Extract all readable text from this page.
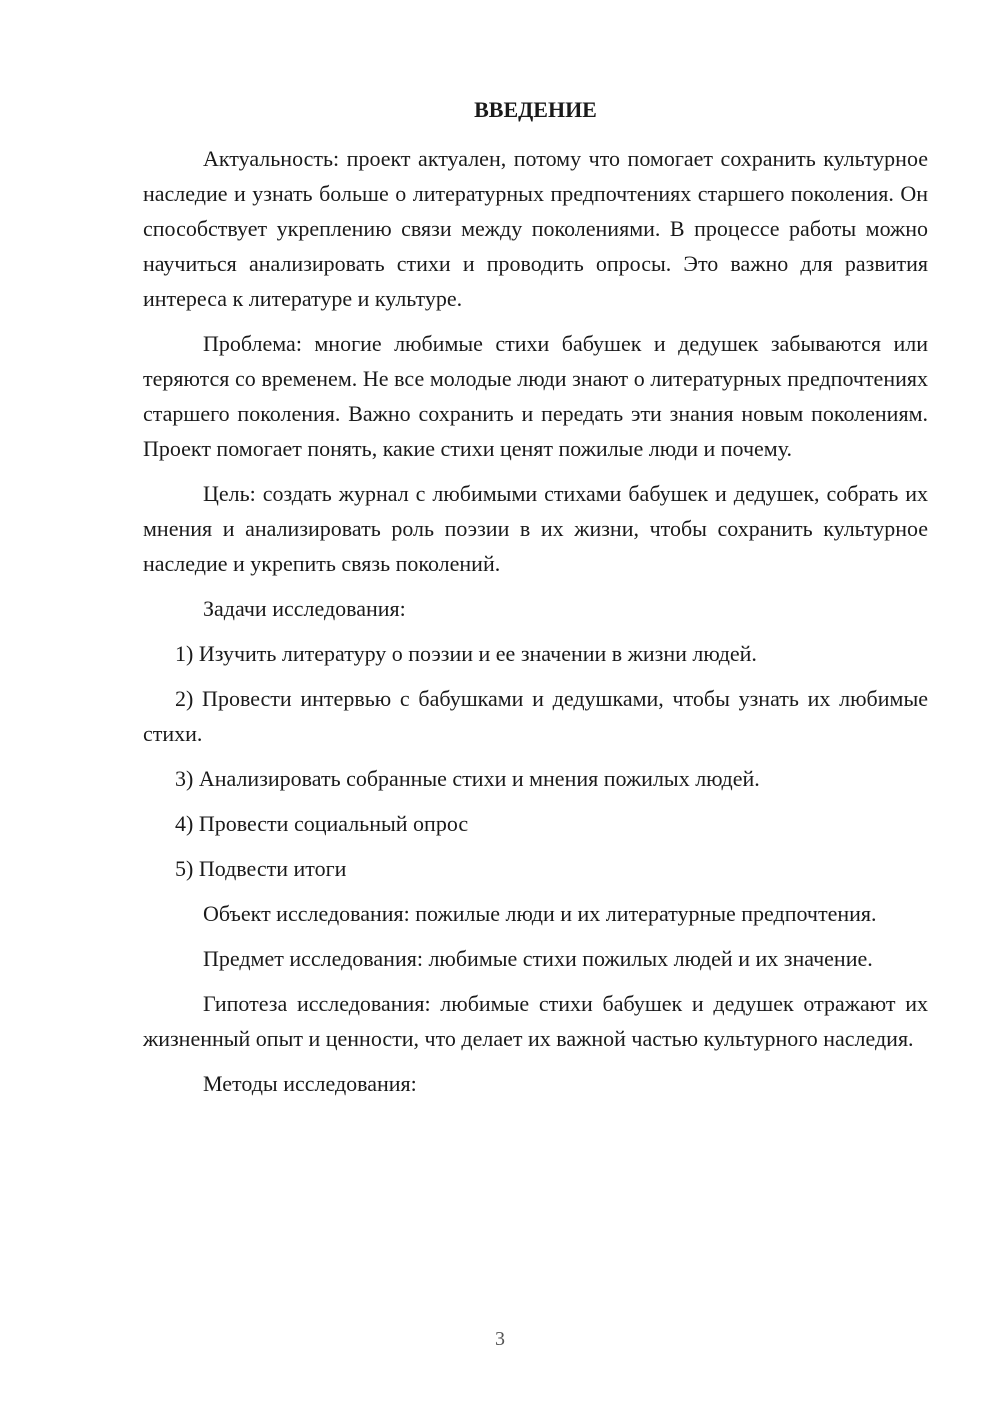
ВВЕДЕНИЕ

Актуальность: проект актуален, потому что помогает сохранить культурное наследие и узнать больше о литературных предпочтениях старшего поколения. Он способствует укреплению связи между поколениями. В процессе работы можно научиться анализировать стихи и проводить опросы. Это важно для развития интереса к литературе и культуре.

Проблема: многие любимые стихи бабушек и дедушек забываются или теряются со временем. Не все молодые люди знают о литературных предпочтениях старшего поколения. Важно сохранить и передать эти знания новым поколениям. Проект помогает понять, какие стихи ценят пожилые люди и почему.

Цель: создать журнал с любимыми стихами бабушек и дедушек, собрать их мнения и анализировать роль поэзии в их жизни, чтобы сохранить культурное наследие и укрепить связь поколений.

Задачи исследования:

1) Изучить литературу о поэзии и ее значении в жизни людей.

2) Провести интервью с бабушками и дедушками, чтобы узнать их любимые стихи.

3) Анализировать собранные стихи и мнения пожилых людей.

4) Провести социальный опрос

5) Подвести итоги

Объект исследования: пожилые люди и их литературные предпочтения.

Предмет исследования: любимые стихи пожилых людей и их значение.

Гипотеза исследования: любимые стихи бабушек и дедушек отражают их жизненный опыт и ценности, что делает их важной частью культурного наследия.

Методы исследования:

3
